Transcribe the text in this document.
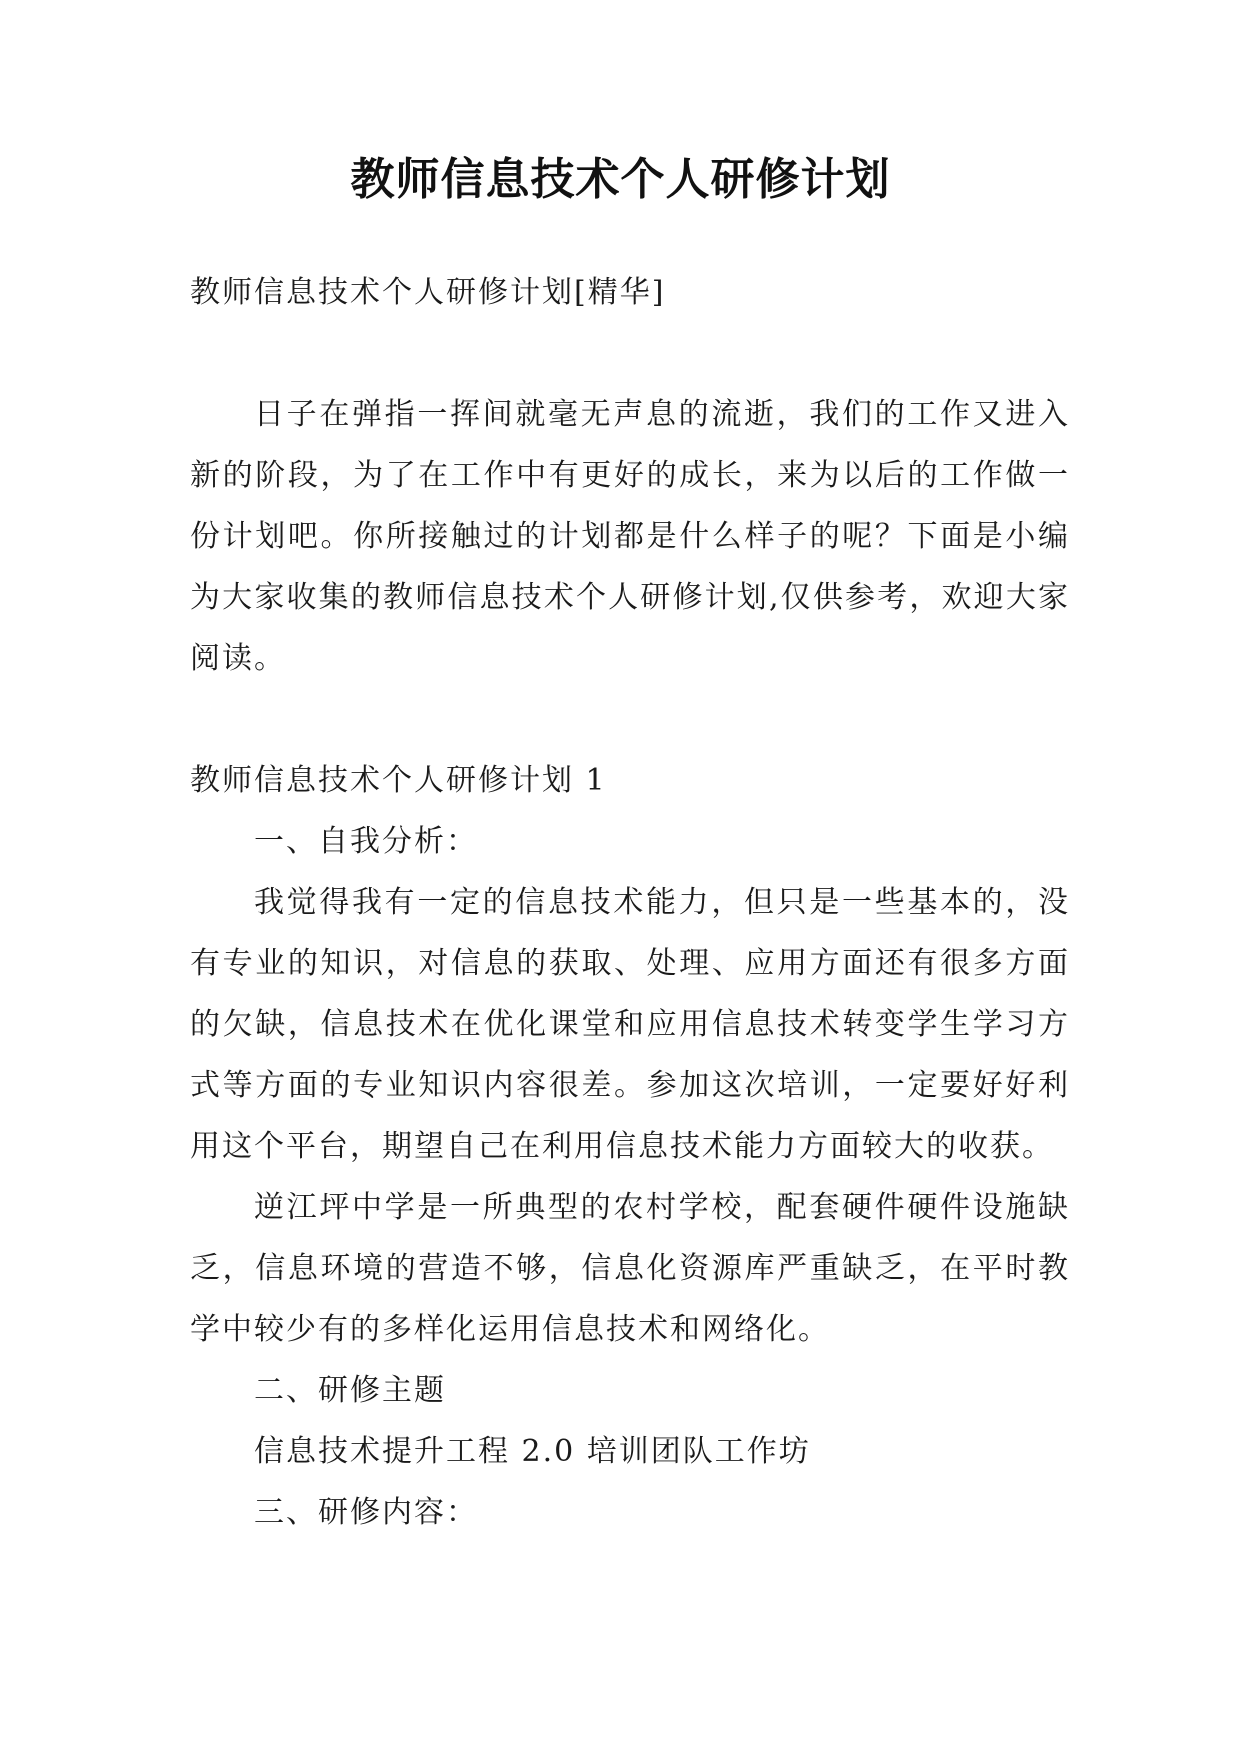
教师信息技术个人研修计划

教师信息技术个人研修计划[精华]

日子在弹指一挥间就毫无声息的流逝，我们的工作又进入新的阶段，为了在工作中有更好的成长，来为以后的工作做一份计划吧。你所接触过的计划都是什么样子的呢？下面是小编为大家收集的教师信息技术个人研修计划,仅供参考，欢迎大家阅读。

教师信息技术个人研修计划 1

一、自我分析：

我觉得我有一定的信息技术能力，但只是一些基本的，没有专业的知识，对信息的获取、处理、应用方面还有很多方面的欠缺，信息技术在优化课堂和应用信息技术转变学生学习方式等方面的专业知识内容很差。参加这次培训，一定要好好利用这个平台，期望自己在利用信息技术能力方面较大的收获。

逆江坪中学是一所典型的农村学校，配套硬件硬件设施缺乏，信息环境的营造不够，信息化资源库严重缺乏，在平时教学中较少有的多样化运用信息技术和网络化。

二、研修主题

信息技术提升工程 2.0 培训团队工作坊

三、研修内容：
